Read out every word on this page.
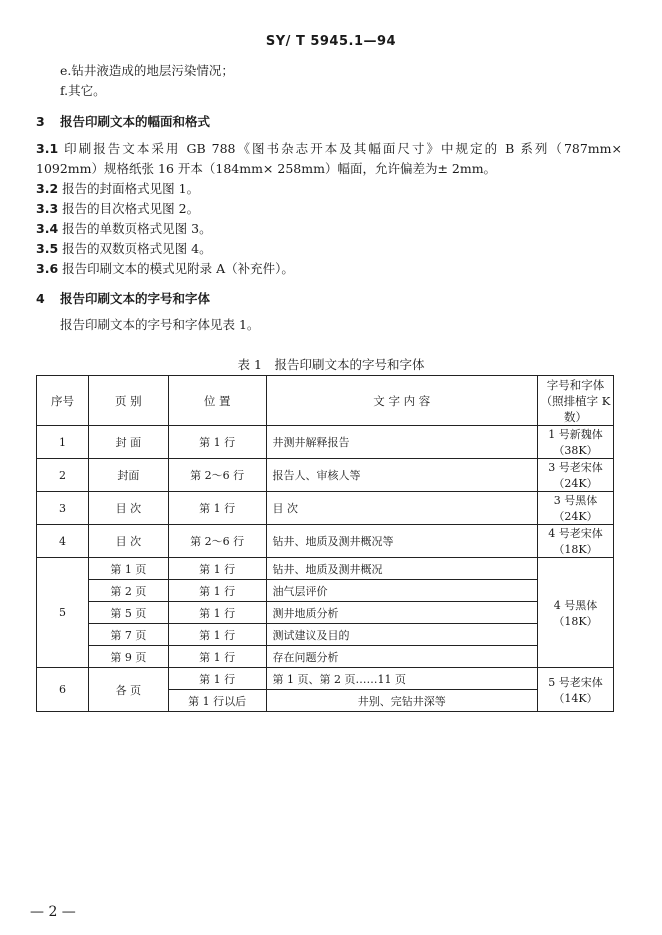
SY/ T 5945.1—94
e.钻井液造成的地层污染情况；
f.其它。
3 报告印刷文本的幅面和格式
3.1 印刷报告文本采用 GB 788《图书杂志开本及其幅面尺寸》中规定的 B 系列（787mm×
1092mm）规格纸张 16 开本（184mm× 258mm）幅面，允许偏差为± 2mm。
3.2 报告的封面格式见图 1。
3.3 报告的目次格式见图 2。
3.4 报告的单数页格式见图 3。
3.5 报告的双数页格式见图 4。
3.6 报告印刷文本的模式见附录 A（补充件）。
4 报告印刷文本的字号和字体
报告印刷文本的字号和字体见表 1。
表 1　报告印刷文本的字号和字体
序号	页 别	位 置	文 字 内 容	字号和字体
（照排植字 K 数）

1	封 面	第 1 行	井测井解释报告	1 号新魏体（38K）
2	封面	第 2～6 行	报告人、审核人等	3 号老宋体（24K）
3	目 次	第 1 行	目 次	3 号黑体（24K）
4	目 次	第 2～6 行	钻井、地质及测井概况等	4 号老宋体（18K）
5	第 1 页	第 1 行	钻井、地质及测井概况	4 号黑体（18K）
	第 2 页	第 1 行	油气层评价	
	第 5 页	第 1 行	测井地质分析	
	第 7 页	第 1 行	测试建议及目的	
	第 9 页	第 1 行	存在问题分析	
6	各 页	第 1 行	第 1 页、第 2 页……11 页	5 号老宋体（14K）
		第 1 行以后	井别、完钻井深等	
— 2 —
